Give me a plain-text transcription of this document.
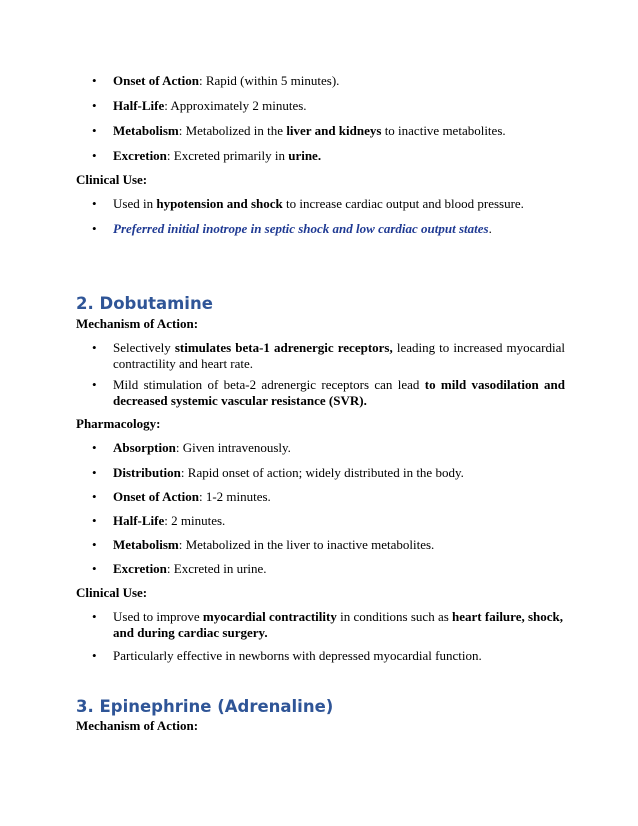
•
Onset of Action: Rapid (within 5 minutes).
•
Half-Life: Approximately 2 minutes.
•
Metabolism: Metabolized in the liver and kidneys to inactive metabolites.
•
Excretion: Excreted primarily in urine.
Clinical Use:
•
Used in hypotension and shock to increase cardiac output and blood pressure.
•
Preferred initial inotrope in septic shock and low cardiac output states.
2. Dobutamine
Mechanism of Action:
•
Selectively stimulates beta-1 adrenergic receptors, leading to increased myocardial contractility and heart rate.
•
Mild stimulation of beta-2 adrenergic receptors can lead to mild vasodilation and decreased systemic vascular resistance (SVR).
Pharmacology:
•
Absorption: Given intravenously.
•
Distribution: Rapid onset of action; widely distributed in the body.
•
Onset of Action: 1-2 minutes.
•
Half-Life: 2 minutes.
•
Metabolism: Metabolized in the liver to inactive metabolites.
•
Excretion: Excreted in urine.
Clinical Use:
•
Used to improve myocardial contractility in conditions such as heart failure, shock, and during cardiac surgery.
•
Particularly effective in newborns with depressed myocardial function.
3. Epinephrine (Adrenaline)
Mechanism of Action:
